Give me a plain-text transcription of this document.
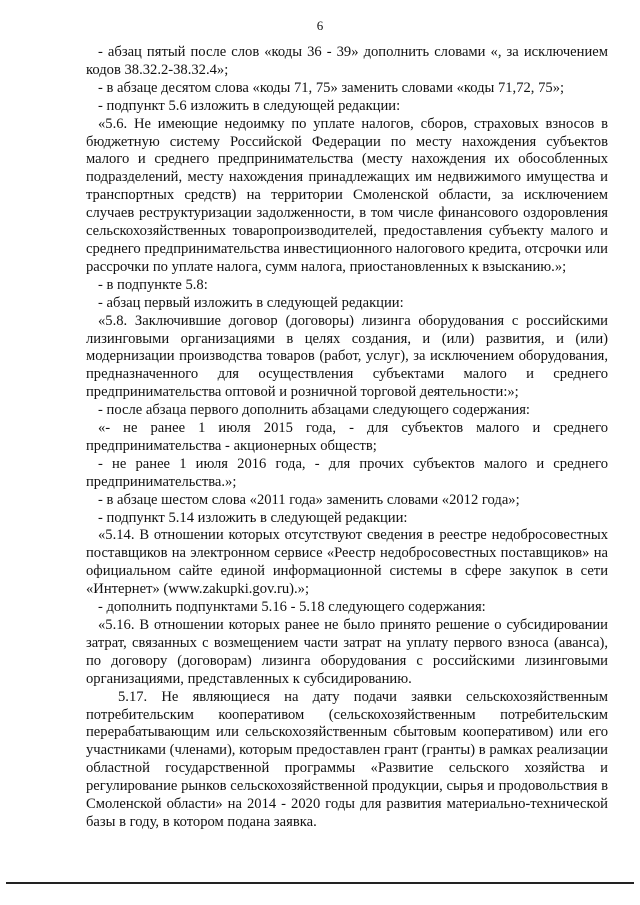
6

- абзац пятый после слов «коды 36 - 39» дополнить словами «, за исключением кодов 38.32.2-38.32.4»;

- в абзаце десятом слова «коды 71, 75» заменить словами «коды 71,72, 75»;

- подпункт 5.6 изложить в следующей редакции:

«5.6. Не имеющие недоимку по уплате налогов, сборов, страховых взносов в бюджетную систему Российской Федерации по месту нахождения субъектов малого и среднего предпринимательства (месту нахождения их обособленных подразделений, месту нахождения принадлежащих им недвижимого имущества и транспортных средств) на территории Смоленской области, за исключением случаев реструктуризации задолженности, в том числе финансового оздоровления сельскохозяйственных товаропроизводителей, предоставления субъекту малого и среднего предпринимательства инвестиционного налогового кредита, отсрочки или рассрочки по уплате налога, сумм налога, приостановленных к взысканию.»;

- в подпункте 5.8:

- абзац первый изложить в следующей редакции:

«5.8. Заключившие договор (договоры) лизинга оборудования с российскими лизинговыми организациями в целях создания, и (или) развития, и (или) модернизации производства товаров (работ, услуг), за исключением оборудования, предназначенного для осуществления субъектами малого и среднего предпринимательства оптовой и розничной торговой деятельности:»;

- после абзаца первого дополнить абзацами следующего содержания:

«- не ранее 1 июля 2015 года, - для субъектов малого и среднего предпринимательства - акционерных обществ;

- не ранее 1 июля 2016 года, - для прочих субъектов малого и среднего предпринимательства.»;

- в абзаце шестом слова «2011 года» заменить словами «2012 года»;

- подпункт 5.14 изложить в следующей редакции:

«5.14. В отношении которых отсутствуют сведения в реестре недобросовестных поставщиков на электронном сервисе «Реестр недобросовестных поставщиков» на официальном сайте единой информационной системы в сфере закупок в сети «Интернет» (www.zakupki.gov.ru).»;

- дополнить подпунктами 5.16 - 5.18 следующего содержания:

«5.16. В отношении которых ранее не было принято решение о субсидировании затрат, связанных с возмещением части затрат на уплату первого взноса (аванса), по договору (договорам) лизинга оборудования с российскими лизинговыми организациями, представленных к субсидированию.

5.17. Не являющиеся на дату подачи заявки сельскохозяйственным потребительским кооперативом (сельскохозяйственным потребительским перерабатывающим или сельскохозяйственным сбытовым кооперативом) или его участниками (членами), которым предоставлен грант (гранты) в рамках реализации областной государственной программы «Развитие сельского хозяйства и регулирование рынков сельскохозяйственной продукции, сырья и продовольствия в Смоленской области» на 2014 - 2020 годы для развития материально-технической базы в году, в котором подана заявка.
